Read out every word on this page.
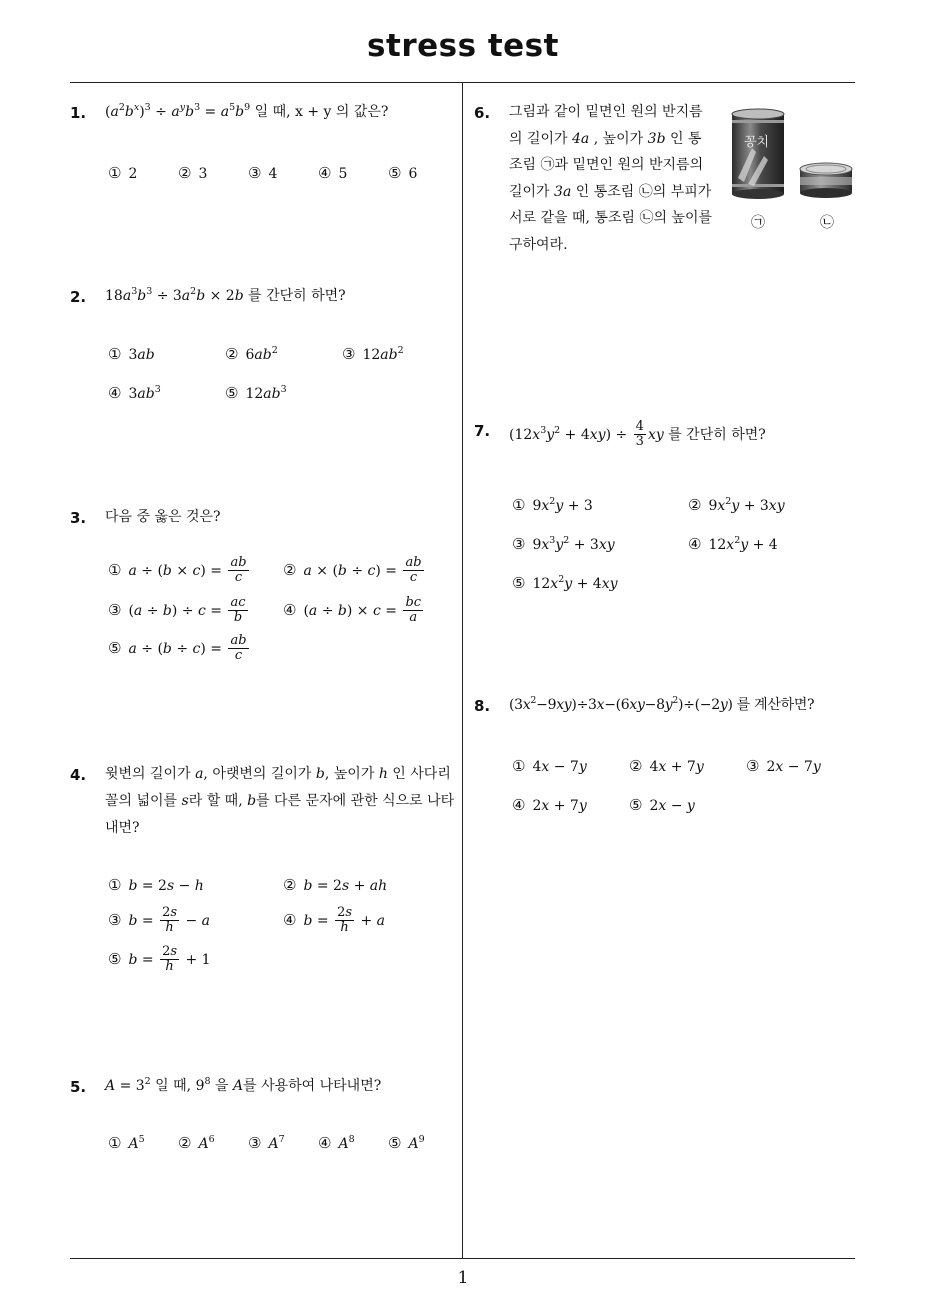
stress test
1. $(a^2b^x)^3 \div a^yb^3 = a^5b^9$ 일 때, x + y 의 값은?
① 2	② 3	③ 4	④ 5	⑤ 6
2. $18a^3b^3 \div 3a^2b \times 2b$ 를 간단히 하면?
① 3ab	② $6ab^2$	③ $12ab^2$
④ $3ab^3$	⑤ $12ab^3$
3. 다음 중 옳은 것은?
① $a \div (b \times c) = \frac{ab}{c}$ ② $a \times (b \div c) = \frac{ab}{c}$
③ $(a \div b) \div c = \frac{ac}{b}$ ④ $(a \div b) \times c = \frac{bc}{a}$
⑤ $a \div (b \div c) = \frac{ab}{c}$
4. 윗변의 길이가 a, 아랫변의 길이가 b, 높이가 h 인 사다리꼴의 넓이를 s라 할 때, b를 다른 문자에 관한 식으로 나타내면?
① b = 2s − h	② b = 2s + ah
③ $b = \frac{2s}{h} - a$	④ $b = \frac{2s}{h} + a$
⑤ $b = \frac{2s}{h} + 1$
5. $A = 3^2$ 일 때, $9^8$ 을 A를 사용하여 나타내면?
① $A^5$ ② $A^6$ ③ $A^7$ ④ $A^8$ ⑤ $A^9$
6. 그림과 같이 밑면인 원의 반지름의 길이가 4a , 높이가 3b 인 통조림 ㉠과 밑면인 원의 반지름의 길이가 3a 인 통조림 ㉡의 부피가 서로 같을 때, 통조림 ㉡의 높이를 구하여라.
꽁치
㉠	㉡
7. $(12x^3y^2 + 4xy) \div \frac{4}{3}$ xy 를 간단히 하면?
① $9x^2y + 3$	② $9x^2y + 3xy$
③ $9x^3y^2 + 3xy$	④ $12x^2y + 4$
⑤ $12x^2y + 4xy$
8. $(3x^2-9xy)\div 3x-(6xy-8y^2)\div(-2y)$ 를 계산하면?
① 4x − 7y	② 4x + 7y	③ 2x − 7y
④ 2x + 7y	⑤ 2x − y
1
